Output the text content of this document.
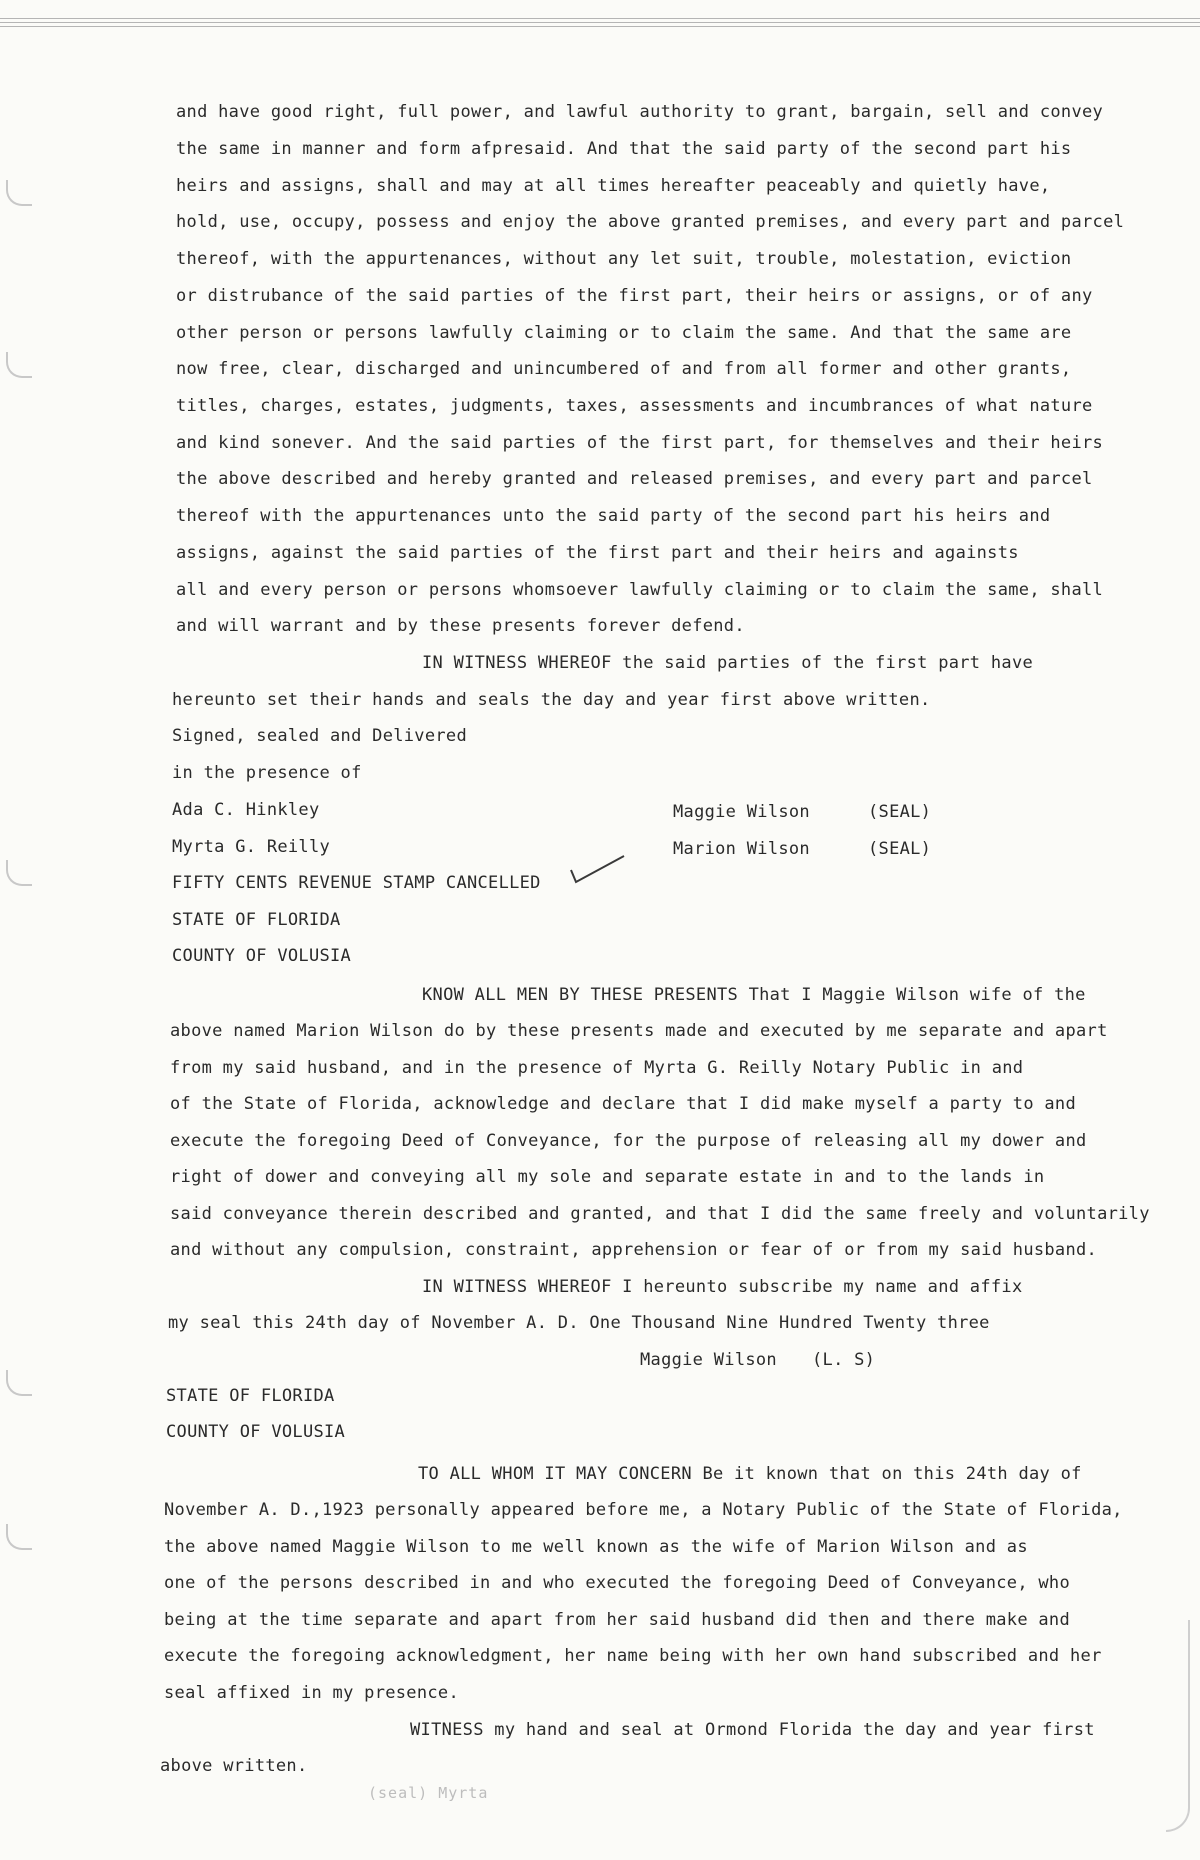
and have good right, full power, and lawful authority to grant, bargain, sell and convey
the same in manner and form afpresaid. And that the said party of the second part his
heirs and assigns, shall and may at all times hereafter peaceably and quietly have,
hold, use, occupy, possess and enjoy the above granted premises, and every part and parcel
thereof, with the appurtenances, without any let suit, trouble, molestation, eviction
or distrubance of the said parties of the first part, their heirs or assigns, or of any
other person or persons lawfully claiming or to claim the same. And that the same are
now free, clear, discharged and unincumbered of and from all former and other grants,
titles, charges, estates, judgments, taxes, assessments and incumbrances of what nature
and kind sonever. And the said parties of the first part, for themselves and their heirs
the above described and hereby granted and released premises, and every part and parcel
thereof with the appurtenances unto the said party of the second part his heirs and
assigns, against the said parties of the first part and their heirs and againsts
all and every person or persons whomsoever lawfully claiming or to claim the same, shall
and will warrant and by these presents forever defend.
IN WITNESS WHEREOF the said parties of the first part have
hereunto set their hands and seals the day and year first above written.
Signed, sealed and Delivered
in the presence of
Ada C. Hinkley	Maggie Wilson	(SEAL)
Myrta G. Reilly	Marion Wilson	(SEAL)
FIFTY CENTS REVENUE STAMP CANCELLED
STATE OF FLORIDA
COUNTY OF VOLUSIA
KNOW ALL MEN BY THESE PRESENTS That I Maggie Wilson wife of the
above named Marion Wilson do by these presents made and executed by me separate and apart
from my said husband, and in the presence of Myrta G. Reilly Notary Public in and
of the State of Florida, acknowledge and declare that I did make myself a party to and
execute the foregoing Deed of Conveyance, for the purpose of releasing all my dower and
right of dower and conveying all my sole and separate estate in and to the lands in
said conveyance therein described and granted, and that I did the same freely and voluntarily
and without any compulsion, constraint, apprehension or fear of or from my said husband.
IN WITNESS WHEREOF I hereunto subscribe my name and affix
my seal this 24th day of November A. D. One Thousand Nine Hundred Twenty three
Maggie Wilson (L. S)
STATE OF FLORIDA
COUNTY OF VOLUSIA
TO ALL WHOM IT MAY CONCERN Be it known that on this 24th day of
November A. D.,1923 personally appeared before me, a Notary Public of the State of Florida,
the above named Maggie Wilson to me well known as the wife of Marion Wilson and as
one of the persons described in and who executed the foregoing Deed of Conveyance, who
being at the time separate and apart from her said husband did then and there make and
execute the foregoing acknowledgment, her name being with her own hand subscribed and her
seal affixed in my presence.
WITNESS my hand and seal at Ormond Florida the day and year first
above written.
(seal) Myrta
